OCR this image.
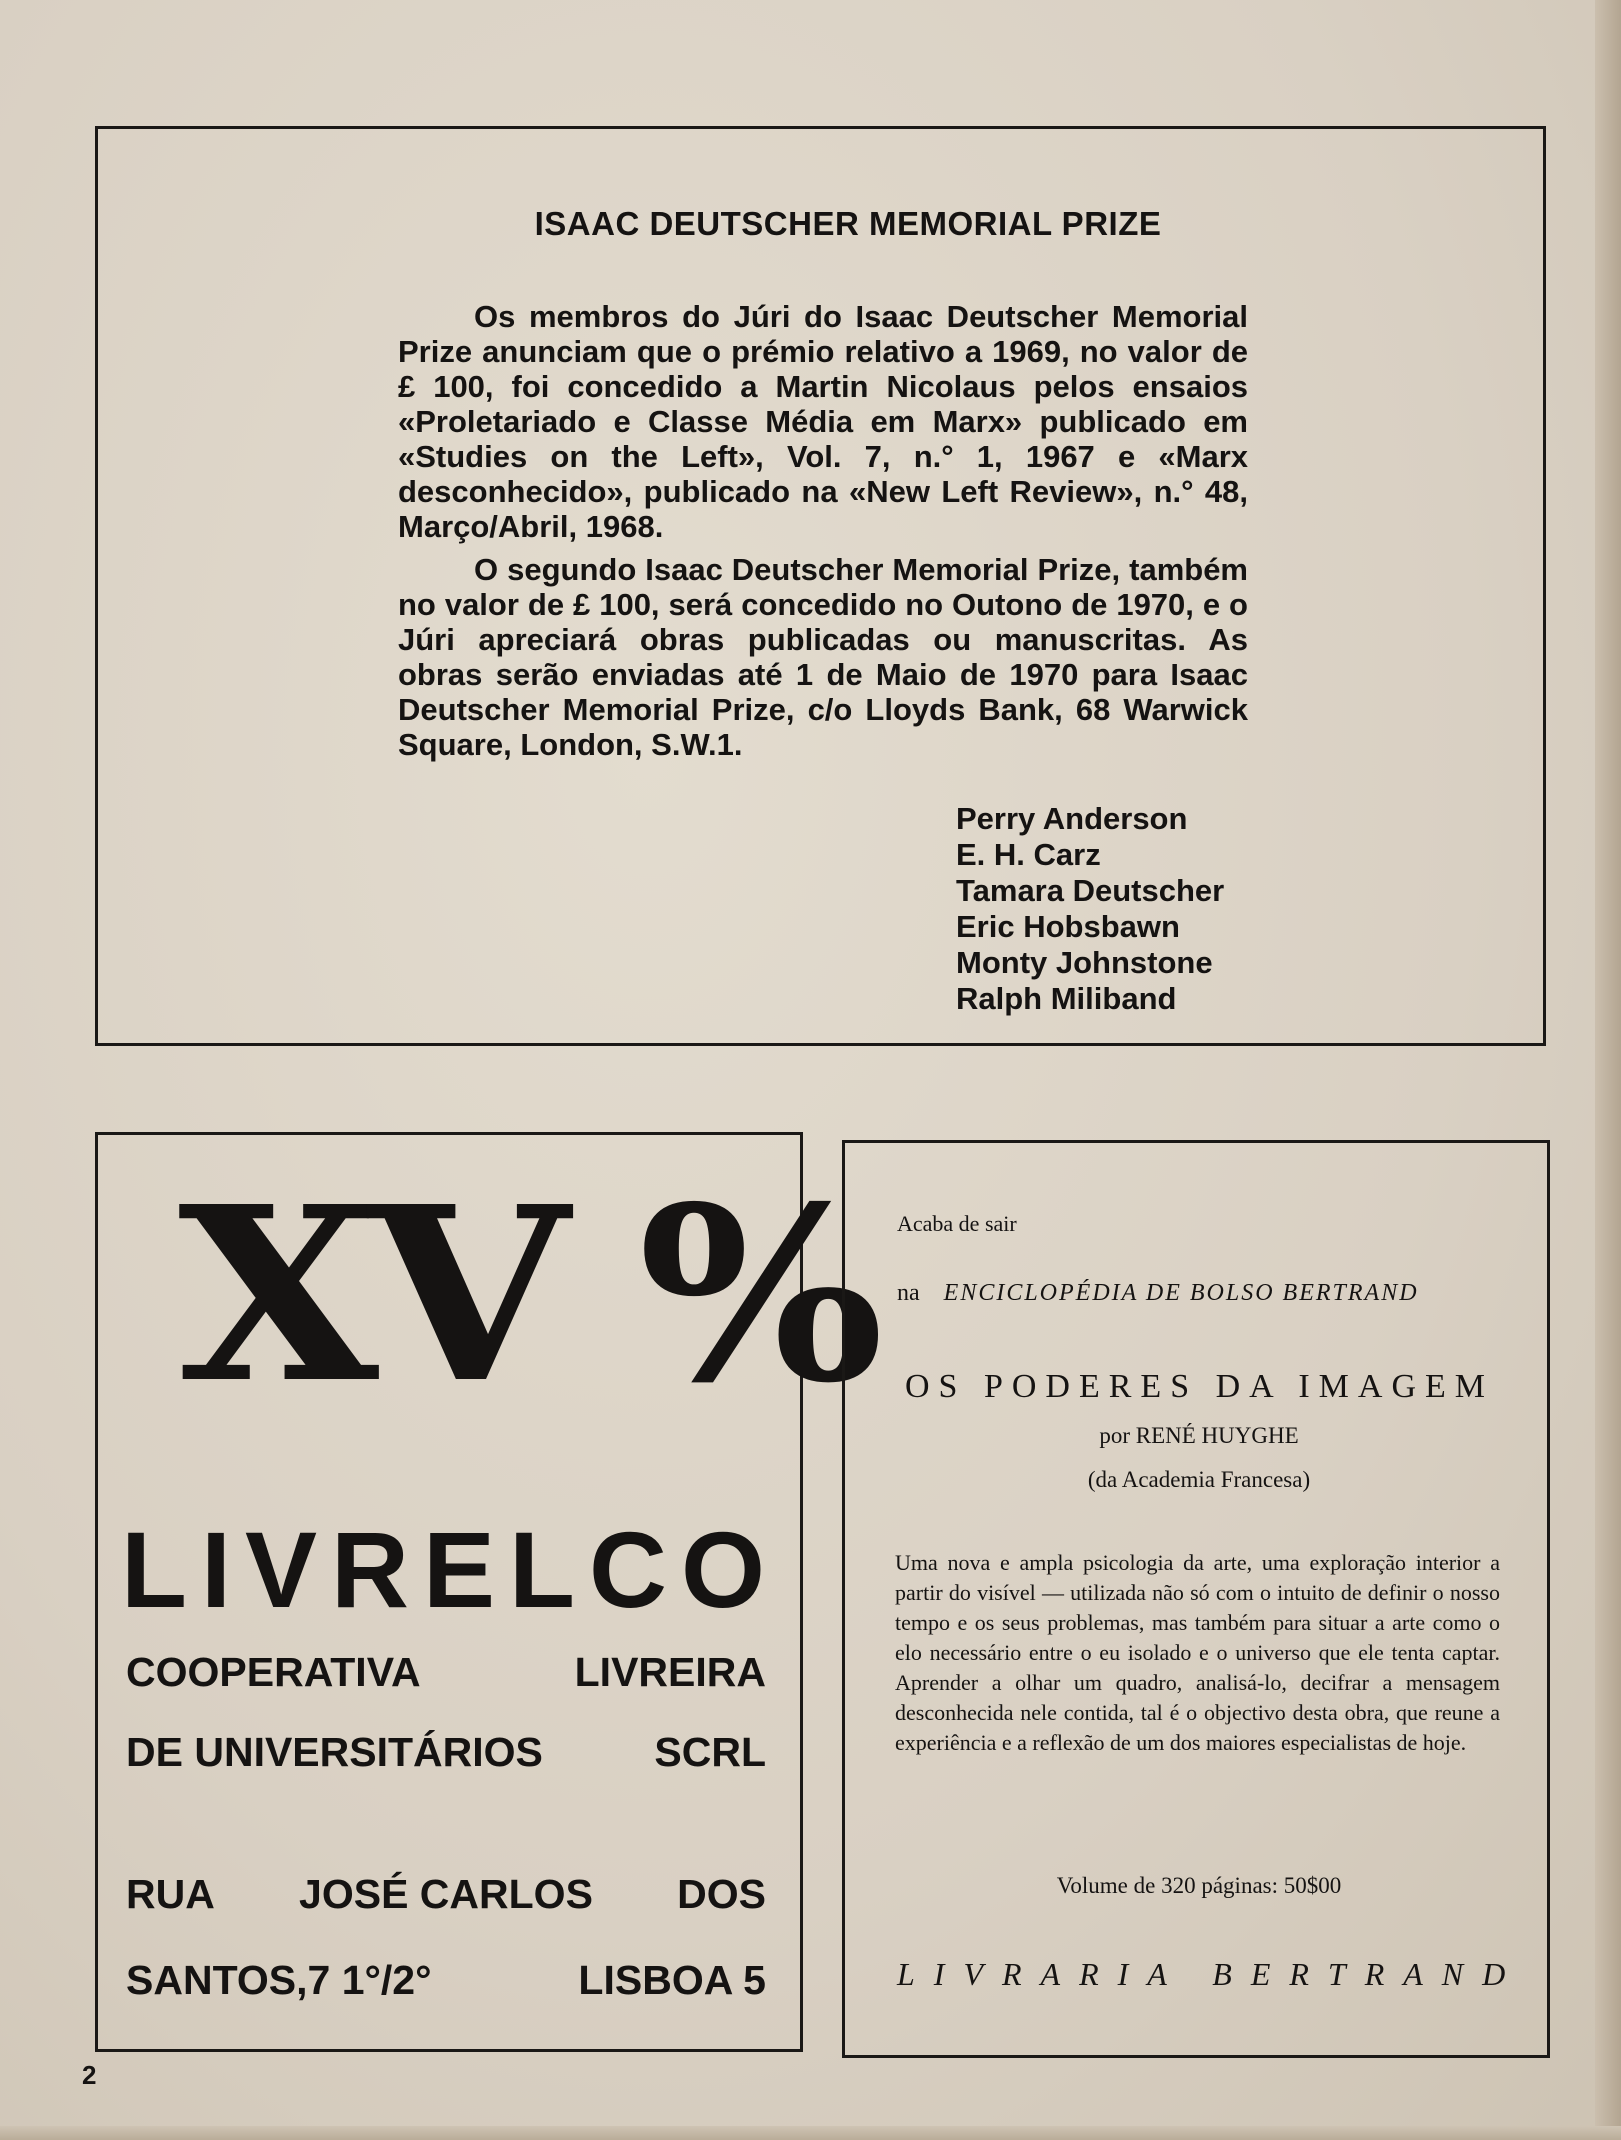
ISAAC DEUTSCHER MEMORIAL PRIZE

Os membros do Júri do Isaac Deutscher Memorial Prize anunciam que o prémio relativo a 1969, no valor de £ 100, foi concedido a Martin Nicolaus pelos ensaios «Proletariado e Classe Média em Marx» publicado em «Studies on the Left», Vol. 7, n.° 1, 1967 e «Marx desconhecido», publicado na «New Left Review», n.° 48, Março/Abril, 1968.

O segundo Isaac Deutscher Memorial Prize, também no valor de £ 100, será concedido no Outono de 1970, e o Júri apreciará obras publicadas ou manuscritas. As obras serão enviadas até 1 de Maio de 1970 para Isaac Deutscher Memorial Prize, c/o Lloyds Bank, 68 Warwick Square, London, S.W.1.

Perry Anderson
E. H. Carz
Tamara Deutscher
Eric Hobsbawn
Monty Johnstone
Ralph Miliband
XV %
LIVRELCO
COOPERATIVA	LIVREIRA
DE UNIVERSITÁRIOS	SCRL
RUA JOSÉ CARLOS DOS
SANTOS,7 1°/2°	LISBOA 5
Acaba de sair
na ENCICLOPÉDIA DE BOLSO BERTRAND
OS PODERES DA IMAGEM
por RENÉ HUYGHE
(da Academia Francesa)
Uma nova e ampla psicologia da arte, uma exploração interior a partir do visível — utilizada não só com o intuito de definir o nosso tempo e os seus problemas, mas também para situar a arte como o elo necessário entre o eu isolado e o universo que ele tenta captar. Aprender a olhar um quadro, analisá-lo, decifrar a mensagem desconhecida nele contida, tal é o objectivo desta obra, que reune a experiência e a reflexão de um dos maiores especialistas de hoje.
Volume de 320 páginas: 50$00
LIVRARIA BERTRAND
2
